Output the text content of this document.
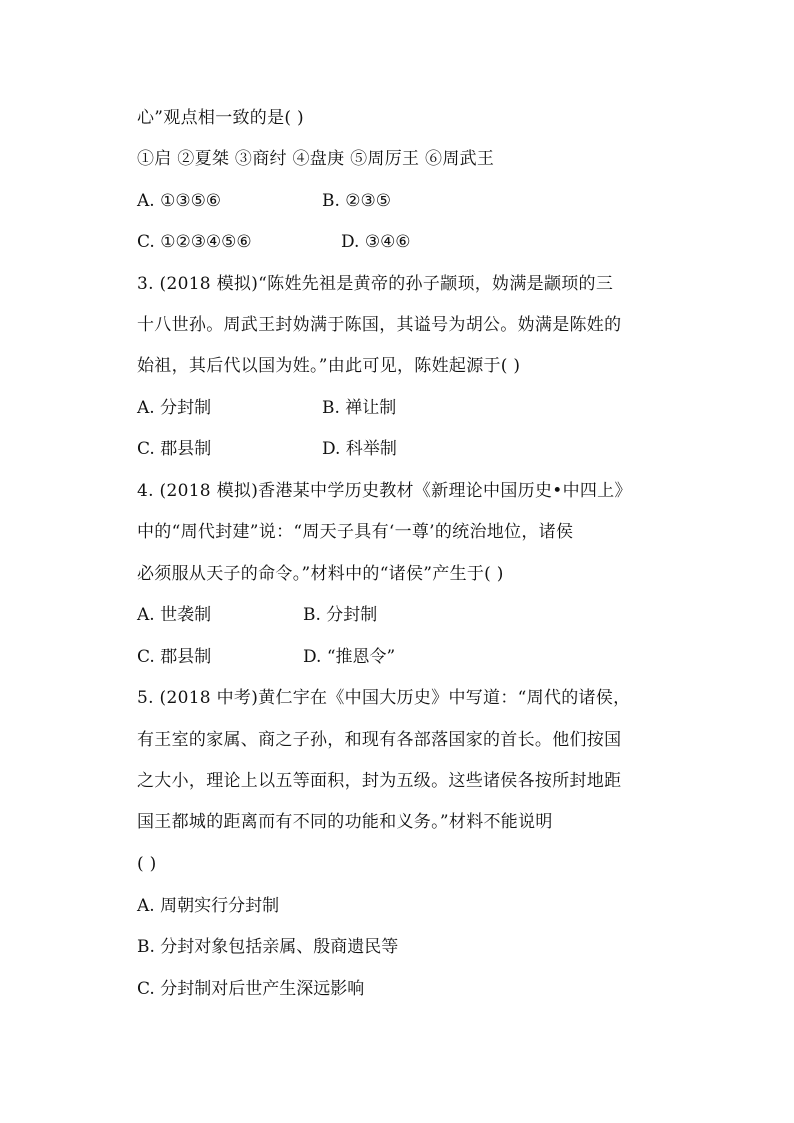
心”观点相一致的是( )
①启 ②夏桀 ③商纣 ④盘庚 ⑤周厉王 ⑥周武王
A. ①③⑤⑥	B. ②③⑤
C. ①②③④⑤⑥	D. ③④⑥
3. (2018 模拟)“陈姓先祖是黄帝的孙子颛顼，妫满是颛顼的三
十八世孙。周武王封妫满于陈国，其谥号为胡公。妫满是陈姓的
始祖，其后代以国为姓。”由此可见，陈姓起源于( )
A. 分封制	B. 禅让制
C. 郡县制	D. 科举制
4. (2018 模拟)香港某中学历史教材《新理论中国历史•中四上》
中的“周代封建”说：“周天子具有‘一尊’的统治地位，诸侯
必须服从天子的命令。”材料中的“诸侯”产生于( )
A. 世袭制	B. 分封制
C. 郡县制	D. “推恩令”
5. (2018 中考)黄仁宇在《中国大历史》中写道：“周代的诸侯，
有王室的家属、商之子孙，和现有各部落国家的首长。他们按国
之大小，理论上以五等面积，封为五级。这些诸侯各按所封地距
国王都城的距离而有不同的功能和义务。”材料不能说明
( )
A. 周朝实行分封制
B. 分封对象包括亲属、殷商遗民等
C. 分封制对后世产生深远影响
